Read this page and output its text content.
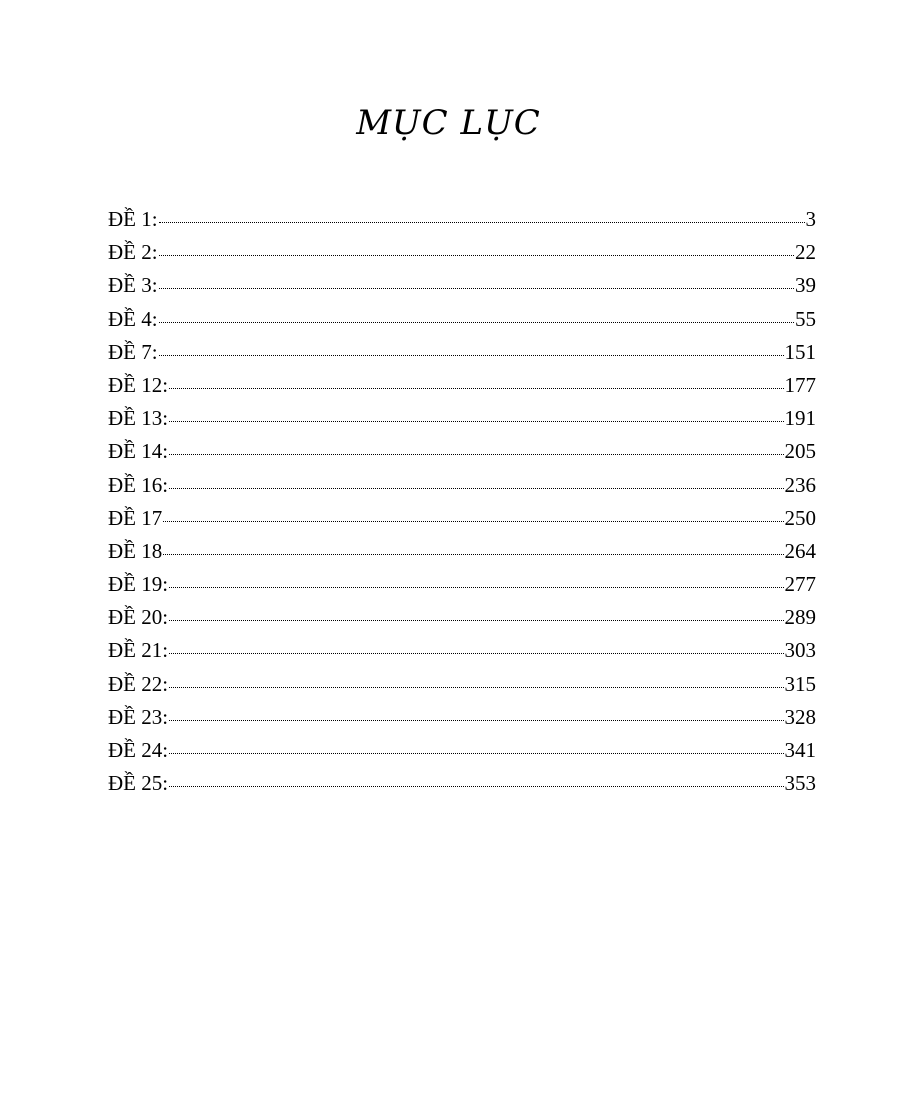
MỤC LỤC
ĐỀ 1:	3
ĐỀ 2:	22
ĐỀ 3:	39
ĐỀ 4:	55
ĐỀ 7:	151
ĐỀ 12:	177
ĐỀ 13:	191
ĐỀ 14:	205
ĐỀ 16:	236
ĐỀ 17	250
ĐỀ 18	264
ĐỀ 19:	277
ĐỀ 20:	289
ĐỀ 21:	303
ĐỀ 22:	315
ĐỀ 23:	328
ĐỀ 24:	341
ĐỀ 25:	353
